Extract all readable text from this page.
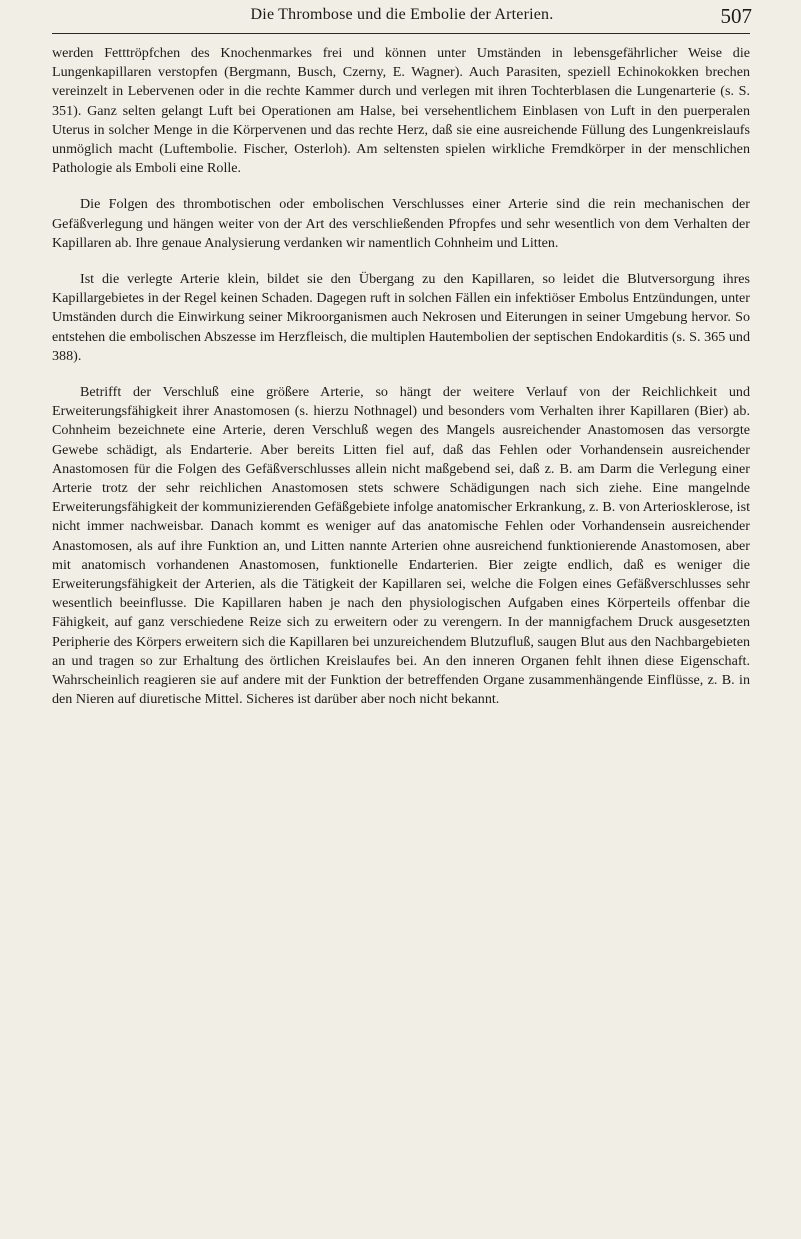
Die Thrombose und die Embolie der Arterien.	507

werden Fetttröpfchen des Knochenmarkes frei und können unter Umständen in lebensgefährlicher Weise die Lungenkapillaren verstopfen (Bergmann, Busch, Czerny, E. Wagner). Auch Parasiten, speziell Echinokokken brechen vereinzelt in Lebervenen oder in die rechte Kammer durch und verlegen mit ihren Tochterblasen die Lungenarterie (s. S. 351). Ganz selten gelangt Luft bei Operationen am Halse, bei versehentlichem Einblasen von Luft in den puerperalen Uterus in solcher Menge in die Körpervenen und das rechte Herz, daß sie eine ausreichende Füllung des Lungenkreislaufs unmöglich macht (Luftembolie. Fischer, Osterloh). Am seltensten spielen wirkliche Fremdkörper in der menschlichen Pathologie als Emboli eine Rolle.

Die Folgen des thrombotischen oder embolischen Verschlusses einer Arterie sind die rein mechanischen der Gefäßverlegung und hängen weiter von der Art des verschließenden Pfropfes und sehr wesentlich von dem Verhalten der Kapillaren ab. Ihre genaue Analysierung verdanken wir namentlich Cohnheim und Litten.

Ist die verlegte Arterie klein, bildet sie den Übergang zu den Kapillaren, so leidet die Blutversorgung ihres Kapillargebietes in der Regel keinen Schaden. Dagegen ruft in solchen Fällen ein infektiöser Embolus Entzündungen, unter Umständen durch die Einwirkung seiner Mikroorganismen auch Nekrosen und Eiterungen in seiner Umgebung hervor. So entstehen die embolischen Abszesse im Herzfleisch, die multiplen Hautembolien der septischen Endokarditis (s. S. 365 und 388).

Betrifft der Verschluß eine größere Arterie, so hängt der weitere Verlauf von der Reichlichkeit und Erweiterungsfähigkeit ihrer Anastomosen (s. hierzu Nothnagel) und besonders vom Verhalten ihrer Kapillaren (Bier) ab. Cohnheim bezeichnete eine Arterie, deren Verschluß wegen des Mangels ausreichender Anastomosen das versorgte Gewebe schädigt, als Endarterie. Aber bereits Litten fiel auf, daß das Fehlen oder Vorhandensein ausreichender Anastomosen für die Folgen des Gefäßverschlusses allein nicht maßgebend sei, daß z. B. am Darm die Verlegung einer Arterie trotz der sehr reichlichen Anastomosen stets schwere Schädigungen nach sich ziehe. Eine mangelnde Erweiterungsfähigkeit der kommunizierenden Gefäßgebiete infolge anatomischer Erkrankung, z. B. von Arteriosklerose, ist nicht immer nachweisbar. Danach kommt es weniger auf das anatomische Fehlen oder Vorhandensein ausreichender Anastomosen, als auf ihre Funktion an, und Litten nannte Arterien ohne ausreichend funktionierende Anastomosen, aber mit anatomisch vorhandenen Anastomosen, funktionelle Endarterien. Bier zeigte endlich, daß es weniger die Erweiterungsfähigkeit der Arterien, als die Tätigkeit der Kapillaren sei, welche die Folgen eines Gefäßverschlusses sehr wesentlich beeinflusse. Die Kapillaren haben je nach den physiologischen Aufgaben eines Körperteils offenbar die Fähigkeit, auf ganz verschiedene Reize sich zu erweitern oder zu verengern. In der mannigfachem Druck ausgesetzten Peripherie des Körpers erweitern sich die Kapillaren bei unzureichendem Blutzufluß, saugen Blut aus den Nachbargebieten an und tragen so zur Erhaltung des örtlichen Kreislaufes bei. An den inneren Organen fehlt ihnen diese Eigenschaft. Wahrscheinlich reagieren sie auf andere mit der Funktion der betreffenden Organe zusammenhängende Einflüsse, z. B. in den Nieren auf diuretische Mittel. Sicheres ist darüber aber noch nicht bekannt.
